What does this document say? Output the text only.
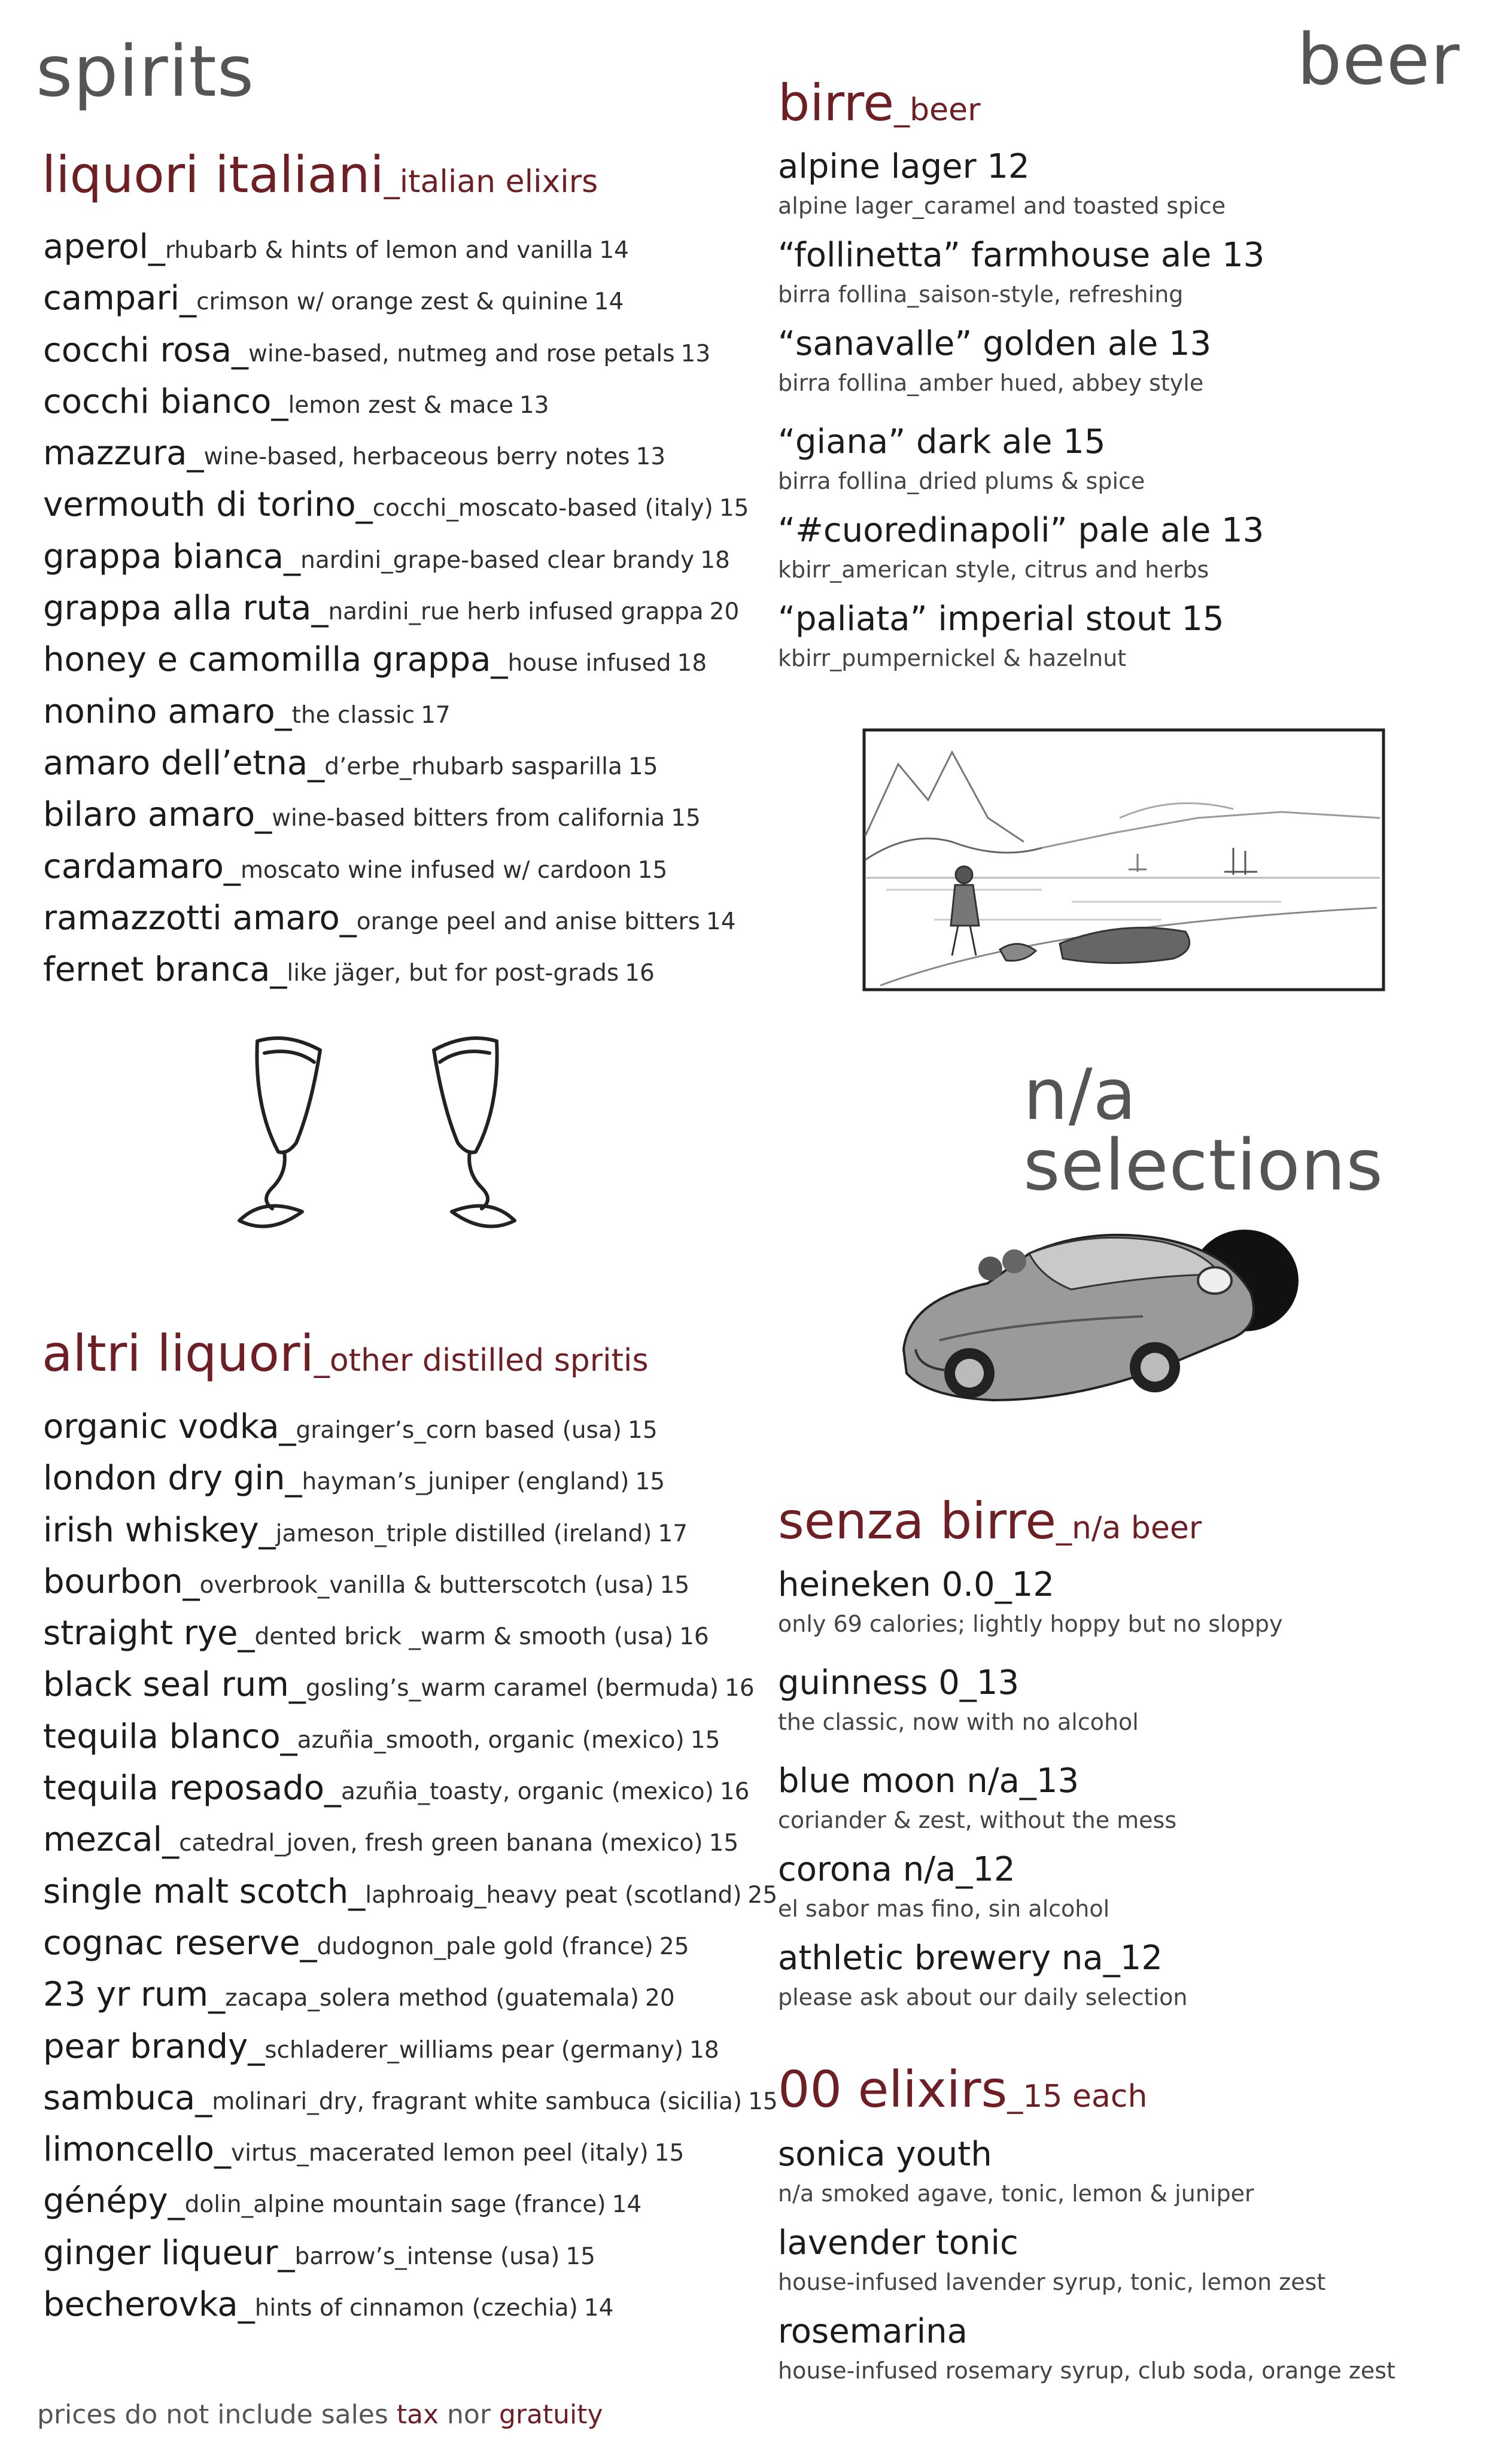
spirits	beer
n/a selections
liquori italiani_italian elixirs
aperol_rhubarb & hints of lemon and vanilla 14
campari_crimson w/ orange zest & quinine 14
cocchi rosa_wine-based, nutmeg and rose petals 13
cocchi bianco_lemon zest & mace 13
mazzura_wine-based, herbaceous berry notes 13
vermouth di torino_cocchi_moscato-based (italy) 15
grappa bianca_nardini_grape-based clear brandy 18
grappa alla ruta_nardini_rue herb infused grappa 20
honey e camomilla grappa_house infused 18
nonino amaro_the classic 17
amaro dell’etna_d’erbe_rhubarb sasparilla 15
bilaro amaro_wine-based bitters from california 15
cardamaro_moscato wine infused w/ cardoon 15
ramazzotti amaro_orange peel and anise bitters 14
fernet branca_like jäger, but for post-grads 16
altri liquori_other distilled spritis
organic vodka_grainger’s_corn based (usa) 15
london dry gin_hayman’s_juniper (england) 15
irish whiskey_jameson_triple distilled (ireland) 17
bourbon_overbrook_vanilla & butterscotch (usa) 15
straight rye_dented brick _warm & smooth (usa) 16
black seal rum_gosling’s_warm caramel (bermuda) 16
tequila blanco_azuñia_smooth, organic (mexico) 15
tequila reposado_azuñia_toasty, organic (mexico) 16
mezcal_catedral_joven, fresh green banana (mexico) 15
single malt scotch_laphroaig_heavy peat (scotland) 25
cognac reserve_dudognon_pale gold (france) 25
23 yr rum_zacapa_solera method (guatemala) 20
pear brandy_schladerer_williams pear (germany) 18
sambuca_molinari_dry, fragrant white sambuca (sicilia) 15
limoncello_virtus_macerated lemon peel (italy) 15
génépy_dolin_alpine mountain sage (france) 14
ginger liqueur_barrow’s_intense (usa) 15
becherovka_hints of cinnamon (czechia) 14
birre_beer
alpine lager 12
alpine lager_caramel and toasted spice
“follinetta” farmhouse ale 13
birra follina_saison-style, refreshing
“sanavalle” golden ale 13
birra follina_amber hued, abbey style
“giana” dark ale 15
birra follina_dried plums & spice
“#cuoredinapoli” pale ale 13
kbirr_american style, citrus and herbs
“paliata” imperial stout 15
kbirr_pumpernickel & hazelnut
senza birre_n/a beer
heineken 0.0_12
only 69 calories; lightly hoppy but no sloppy
guinness 0_13
the classic, now with no alcohol
blue moon n/a_13
coriander & zest, without the mess
corona n/a_12
el sabor mas fino, sin alcohol
athletic brewery na_12
please ask about our daily selection
00 elixirs_15 each
sonica youth
n/a smoked agave, tonic, lemon & juniper
lavender tonic
house-infused lavender syrup, tonic, lemon zest
rosemarina
house-infused rosemary syrup, club soda, orange zest
prices do not include sales tax nor gratuity
